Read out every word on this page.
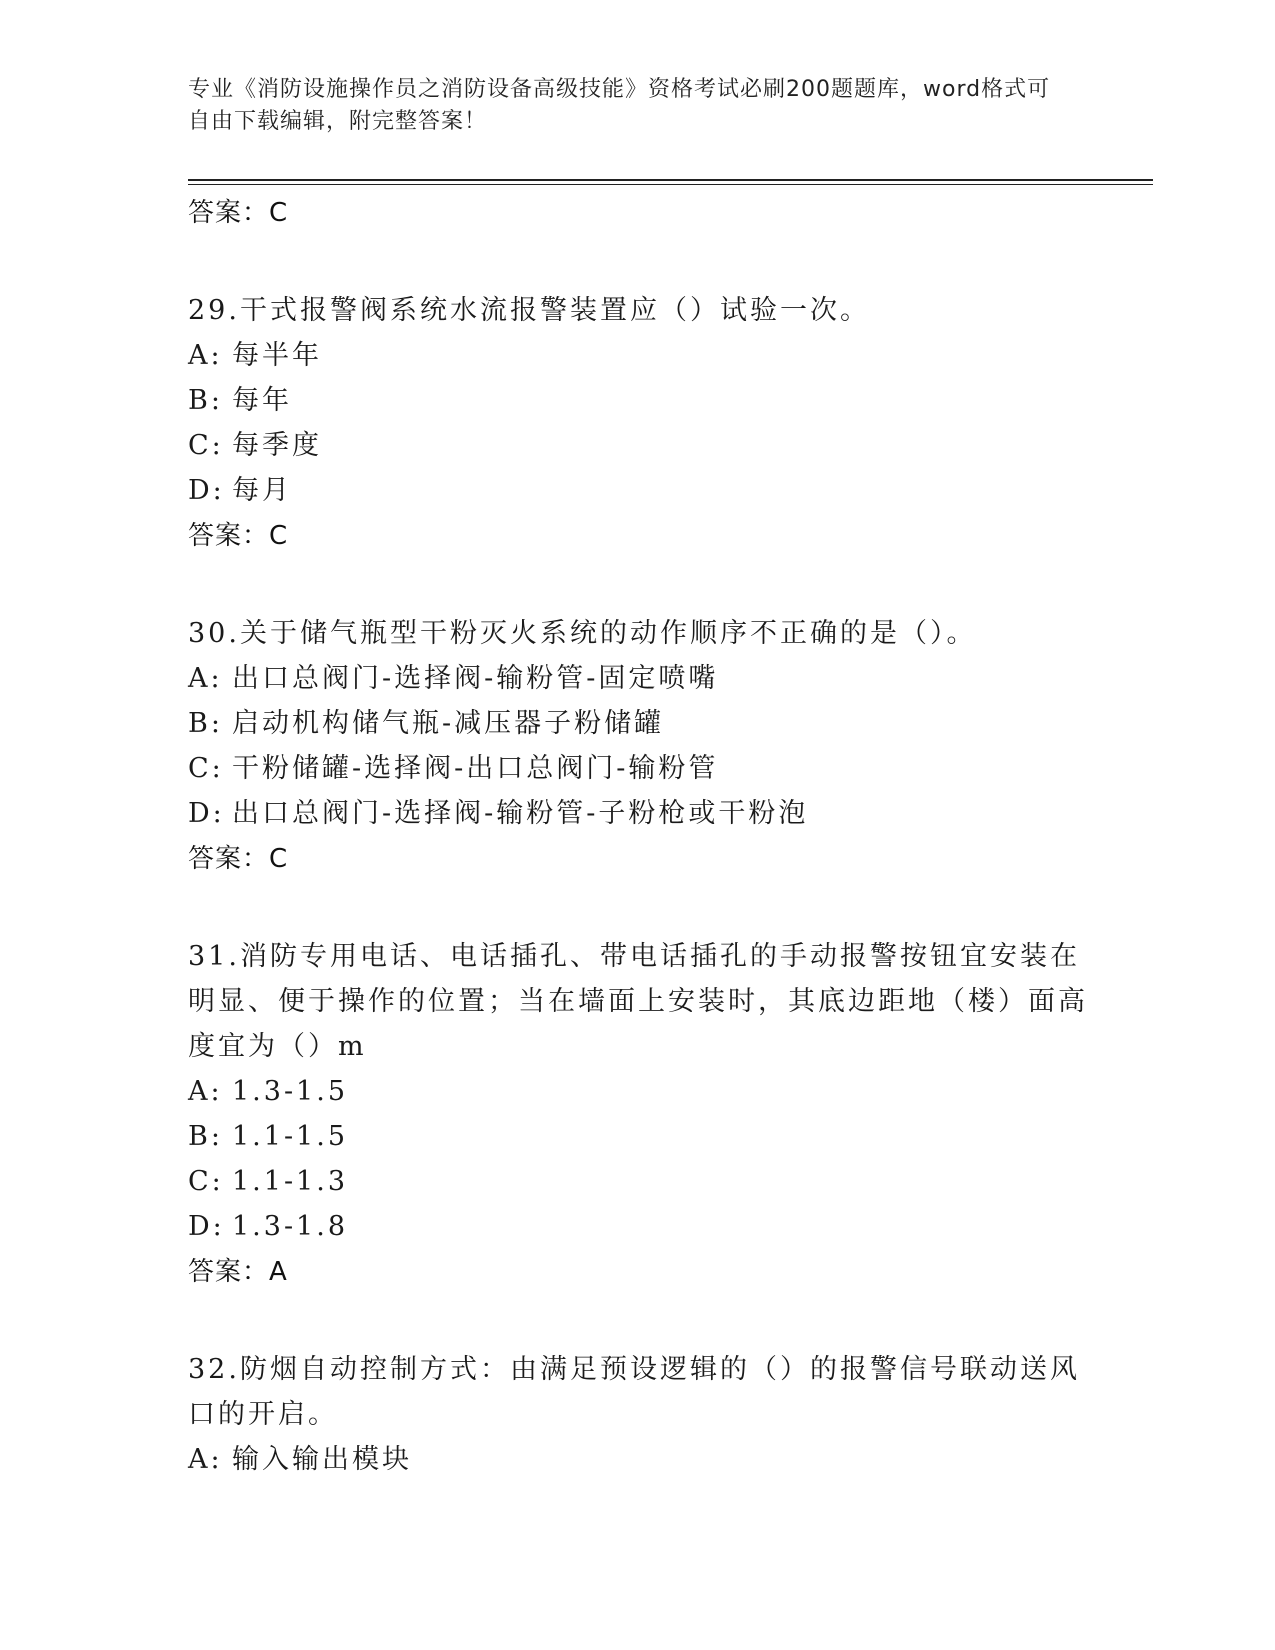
专业《消防设施操作员之消防设备高级技能》资格考试必刷200题题库，word格式可自由下载编辑，附完整答案！
答案：C
29.干式报警阀系统水流报警装置应（）试验一次。
A: 每半年
B: 每年
C: 每季度
D: 每月
答案：C
30.关于储气瓶型干粉灭火系统的动作顺序不正确的是（）。
A: 出口总阀门-选择阀-输粉管-固定喷嘴
B: 启动机构储气瓶-减压器子粉储罐
C: 干粉储罐-选择阀-出口总阀门-输粉管
D: 出口总阀门-选择阀-输粉管-子粉枪或干粉泡
答案：C
31.消防专用电话、电话插孔、带电话插孔的手动报警按钮宜安装在明显、便于操作的位置；当在墙面上安装时，其底边距地（楼）面高度宜为（）m
A: 1.3-1.5
B: 1.1-1.5
C: 1.1-1.3
D: 1.3-1.8
答案：A
32.防烟自动控制方式：由满足预设逻辑的（）的报警信号联动送风口的开启。
A: 输入输出模块
